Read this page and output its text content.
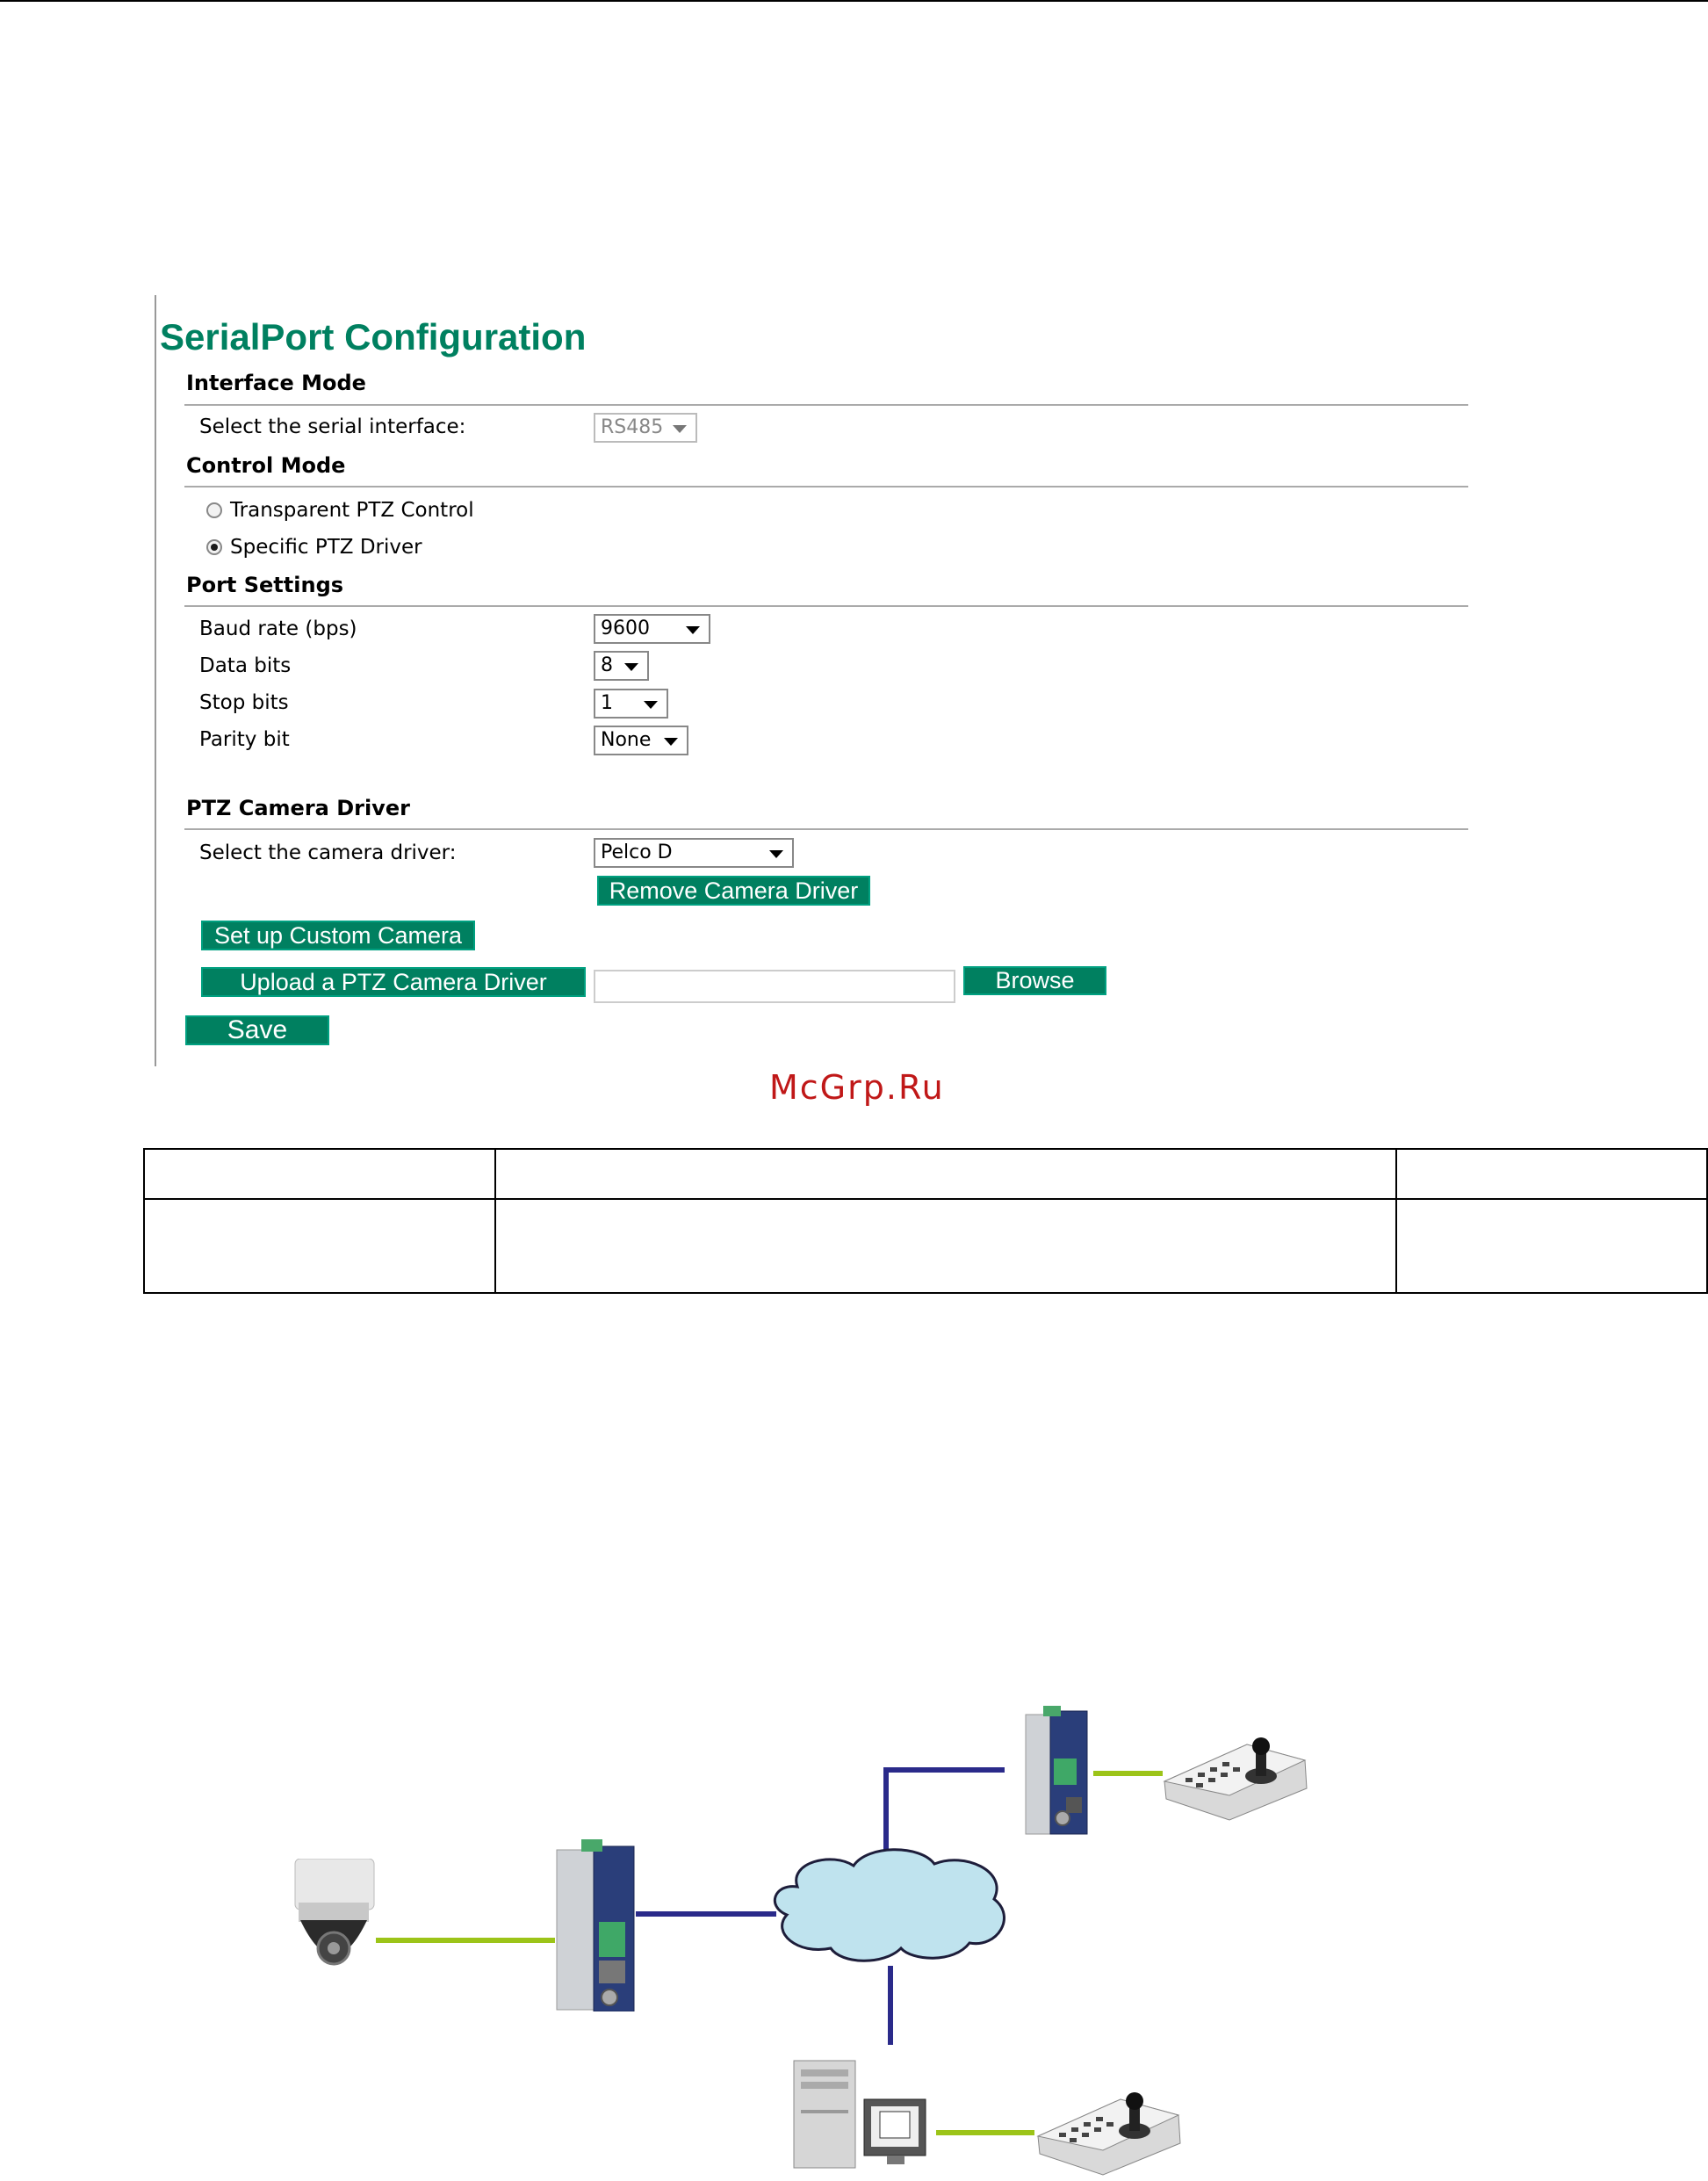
SerialPort Configuration
Interface Mode
Select the serial interface:	RS485
Control Mode
Transparent PTZ Control
Specific PTZ Driver
Port Settings
Baud rate (bps)	9600
Data bits	8
Stop bits	1
Parity bit	None
PTZ Camera Driver
Select the camera driver:	Pelco D
Remove Camera Driver
Set up Custom Camera
Upload a PTZ Camera Driver	Browse
Save
McGrp.Ru
